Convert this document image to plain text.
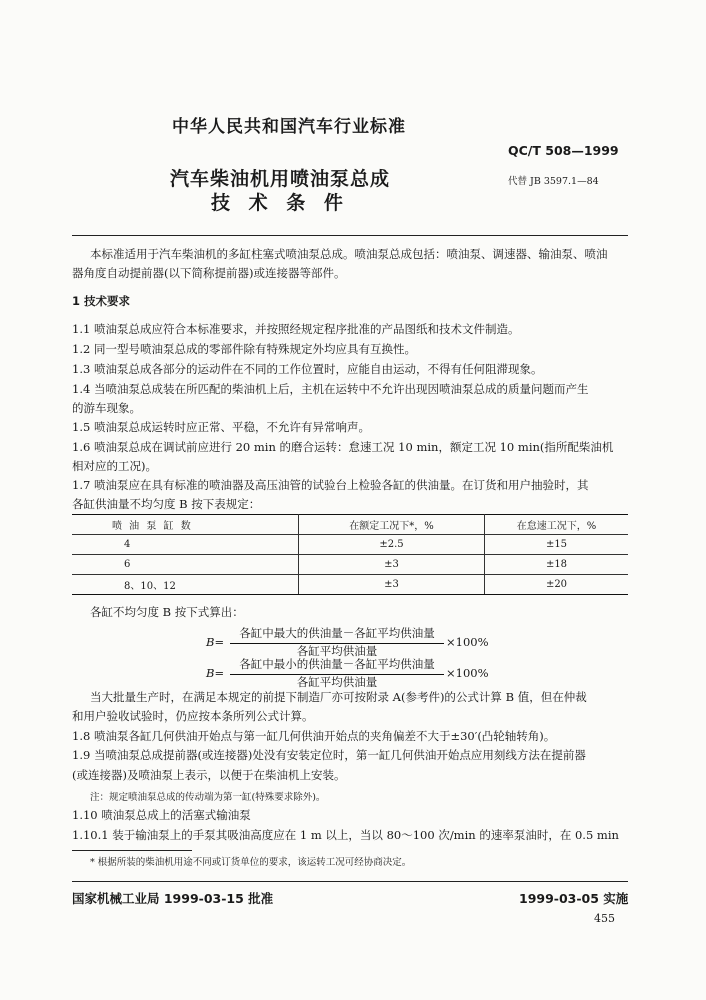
中华人民共和国汽车行业标准
QC/T 508—1999
汽车柴油机用喷油泵总成
技 术 条 件
代替 JB 3597.1—84
本标准适用于汽车柴油机的多缸柱塞式喷油泵总成。喷油泵总成包括：喷油泵、调速器、输油泵、喷油
器角度自动提前器(以下简称提前器)或连接器等部件。
1 技术要求
1.1 喷油泵总成应符合本标准要求，并按照经规定程序批准的产品图纸和技术文件制造。
1.2 同一型号喷油泵总成的零部件除有特殊规定外均应具有互换性。
1.3 喷油泵总成各部分的运动件在不同的工作位置时，应能自由运动，不得有任何阻滞现象。
1.4 当喷油泵总成装在所匹配的柴油机上后，主机在运转中不允许出现因喷油泵总成的质量问题而产生
的游车现象。
1.5 喷油泵总成运转时应正常、平稳，不允许有异常响声。
1.6 喷油泵总成在调试前应进行 20 min 的磨合运转：怠速工况 10 min，额定工况 10 min(指所配柴油机
相对应的工况)。
1.7 喷油泵应在具有标准的喷油器及高压油管的试验台上检验各缸的供油量。在订货和用户抽验时，其
各缸供油量不均匀度 B 按下表规定：
喷 油 泵 缸 数	在额定工况下*，%	在怠速工况下，%
4	±2.5	±15
6	±3	±18
8、10、12	±3	±20
各缸不均匀度 B 按下式算出：
B=
各缸中最大的供油量－各缸平均供油量
各缸平均供油量
×100%
B=
各缸中最小的供油量－各缸平均供油量
各缸平均供油量
×100%
当大批量生产时，在满足本规定的前提下制造厂亦可按附录 A(参考件)的公式计算 B 值，但在仲裁
和用户验收试验时，仍应按本条所列公式计算。
1.8 喷油泵各缸几何供油开始点与第一缸几何供油开始点的夹角偏差不大于±30′(凸轮轴转角)。
1.9 当喷油泵总成提前器(或连接器)处没有安装定位时，第一缸几何供油开始点应用刻线方法在提前器
(或连接器)及喷油泵上表示，以便于在柴油机上安装。
注：规定喷油泵总成的传动端为第一缸(特殊要求除外)。
1.10 喷油泵总成上的活塞式输油泵
1.10.1 装于输油泵上的手泵其吸油高度应在 1 m 以上，当以 80～100 次/min 的速率泵油时，在 0.5 min
* 根据所装的柴油机用途不同或订货单位的要求，该运转工况可经协商决定。
国家机械工业局 1999-03-15 批准	1999-03-05 实施
455
